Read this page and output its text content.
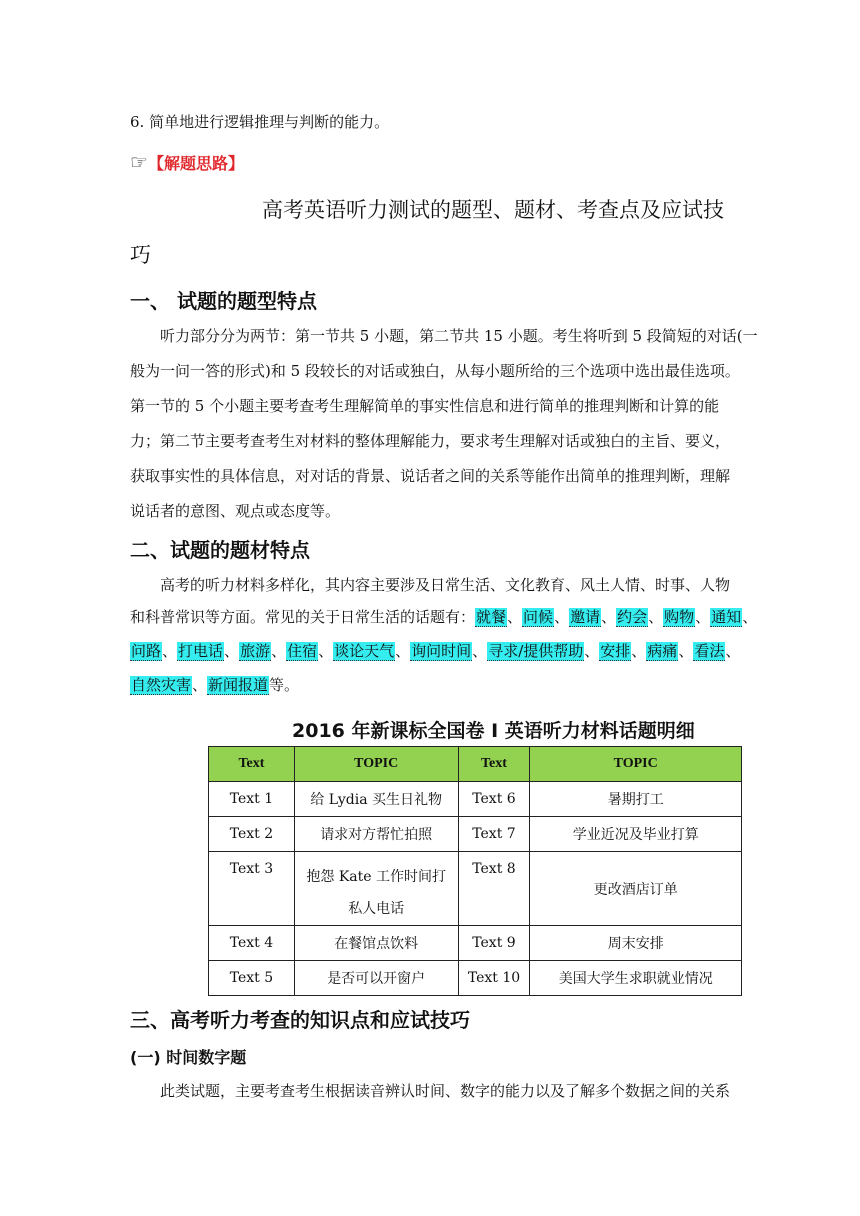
6. 简单地进行逻辑推理与判断的能力。
☞【解题思路】
高考英语听力测试的题型、题材、考查点及应试技
巧
一、 试题的题型特点
听力部分分为两节：第一节共 5 小题，第二节共 15 小题。考生将听到 5 段简短的对话(一
般为一问一答的形式)和 5 段较长的对话或独白，从每小题所给的三个选项中选出最佳选项。
第一节的 5 个小题主要考查考生理解简单的事实性信息和进行简单的推理判断和计算的能
力；第二节主要考查考生对材料的整体理解能力，要求考生理解对话或独白的主旨、要义，
获取事实性的具体信息，对对话的背景、说话者之间的关系等能作出简单的推理判断，理解
说话者的意图、观点或态度等。
二、试题的题材特点
高考的听力材料多样化，其内容主要涉及日常生活、文化教育、风土人情、时事、人物
和科普常识等方面。常见的关于日常生活的话题有：就餐、问候、邀请、约会、购物、通知、
问路、打电话、旅游、住宿、谈论天气、询问时间、寻求/提供帮助、安排、病痛、看法、
自然灾害、新闻报道等。
2016 年新课标全国卷 I 英语听力材料话题明细
Text	TOPIC	Text	TOPIC
Text 1	给 Lydia 买生日礼物	Text 6	暑期打工
Text 2	请求对方帮忙拍照	Text 7	学业近况及毕业打算
Text 3	抱怨 Kate 工作时间打私人电话	Text 8	更改酒店订单
Text 4	在餐馆点饮料	Text 9	周末安排
Text 5	是否可以开窗户	Text 10	美国大学生求职就业情况
三、高考听力考查的知识点和应试技巧
(一) 时间数字题
此类试题，主要考查考生根据读音辨认时间、数字的能力以及了解多个数据之间的关系
